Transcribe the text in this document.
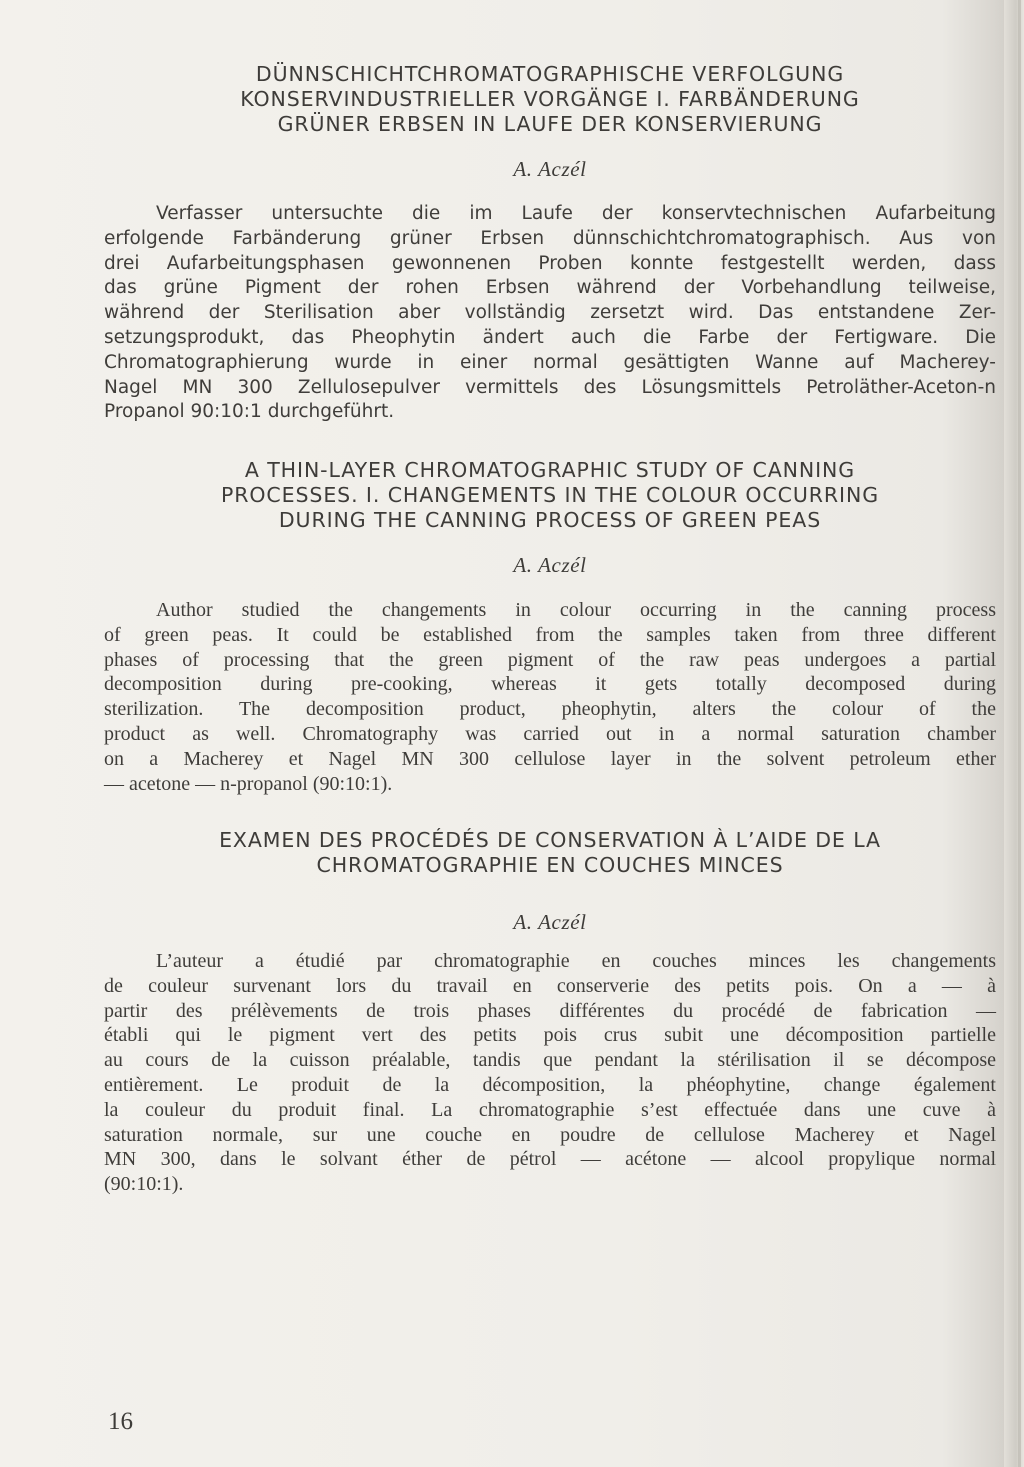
DÜNNSCHICHTCHROMATOGRAPHISCHE VERFOLGUNG
KONSERVINDUSTRIELLER VORGÄNGE I. FARBÄNDERUNG
GRÜNER ERBSEN IN LAUFE DER KONSERVIERUNG

A. Aczél

Verfasser untersuchte die im Laufe der konservtechnischen Aufarbeitung
erfolgende Farbänderung grüner Erbsen dünnschichtchromatographisch. Aus von
drei Aufarbeitungsphasen gewonnenen Proben konnte festgestellt werden, dass
das grüne Pigment der rohen Erbsen während der Vorbehandlung teilweise,
während der Sterilisation aber vollständig zersetzt wird. Das entstandene Zer-
setzungsprodukt, das Pheophytin ändert auch die Farbe der Fertigware. Die
Chromatographierung wurde in einer normal gesättigten Wanne auf Macherey-
Nagel MN 300 Zellulosepulver vermittels des Lösungsmittels Petroläther-Aceton-n
Propanol 90:10:1 durchgeführt.

A THIN-LAYER CHROMATOGRAPHIC STUDY OF CANNING
PROCESSES. I. CHANGEMENTS IN THE COLOUR OCCURRING
DURING THE CANNING PROCESS OF GREEN PEAS

A. Aczél

Author studied the changements in colour occurring in the canning process
of green peas. It could be established from the samples taken from three different
phases of processing that the green pigment of the raw peas undergoes a partial
decomposition during pre-cooking, whereas it gets totally decomposed during
sterilization. The decomposition product, pheophytin, alters the colour of the
product as well. Chromatography was carried out in a normal saturation chamber
on a Macherey et Nagel MN 300 cellulose layer in the solvent petroleum ether
— acetone — n-propanol (90:10:1).

EXAMEN DES PROCÉDÉS DE CONSERVATION À L’AIDE DE LA
CHROMATOGRAPHIE EN COUCHES MINCES

A. Aczél

L’auteur a étudié par chromatographie en couches minces les changements
de couleur survenant lors du travail en conserverie des petits pois. On a — à
partir des prélèvements de trois phases différentes du procédé de fabrication —
établi qui le pigment vert des petits pois crus subit une décomposition partielle
au cours de la cuisson préalable, tandis que pendant la stérilisation il se décompose
entièrement. Le produit de la décomposition, la phéophytine, change également
la couleur du produit final. La chromatographie s’est effectuée dans une cuve à
saturation normale, sur une couche en poudre de cellulose Macherey et Nagel
MN 300, dans le solvant éther de pétrol — acétone — alcool propylique normal
(90:10:1).

16
